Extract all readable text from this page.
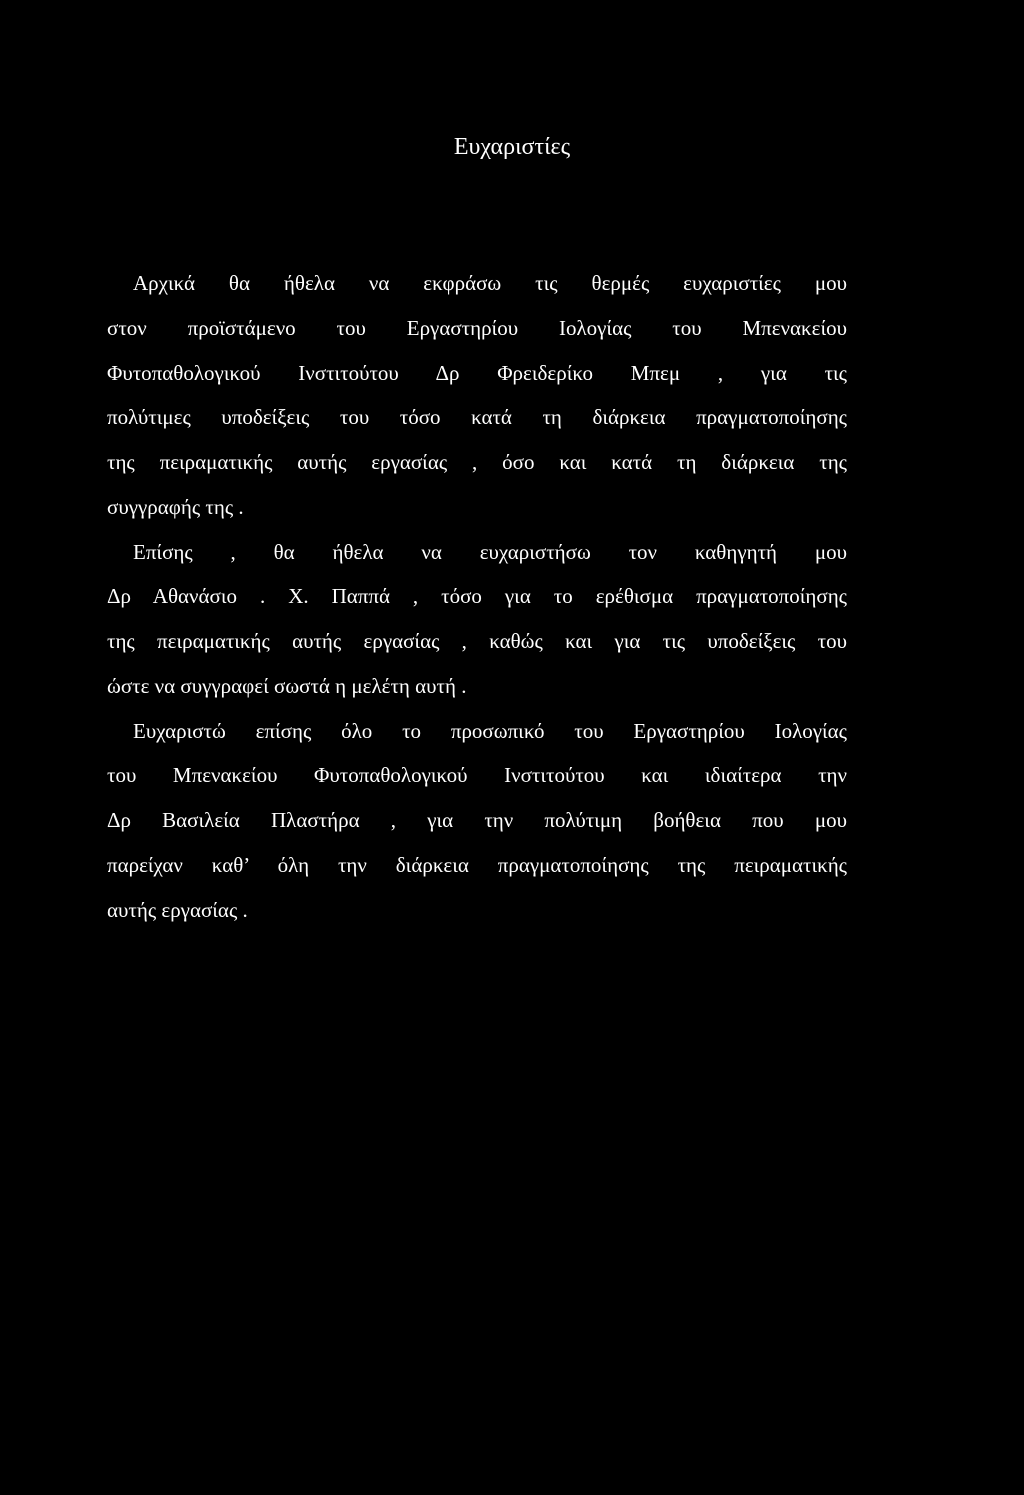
Ευχαριστίες
Αρχικά θα ήθελα να εκφράσω τις θερμές ευχαριστίες μου
στον προϊστάμενο του Εργαστηρίου Ιολογίας του Μπενακείου
Φυτοπαθολογικού Ινστιτούτου Δρ Φρειδερίκο Μπεμ , για τις
πολύτιμες υποδείξεις του τόσο κατά τη διάρκεια πραγματοποίησης
της πειραματικής αυτής εργασίας , όσο και κατά τη διάρκεια της
συγγραφής της .
Επίσης , θα ήθελα να ευχαριστήσω τον καθηγητή μου
Δρ Αθανάσιο . Χ. Παππά , τόσο για το ερέθισμα πραγματοποίησης
της πειραματικής αυτής εργασίας , καθώς και για τις υποδείξεις του
ώστε να συγγραφεί σωστά η μελέτη αυτή .
Ευχαριστώ επίσης όλο το προσωπικό του Εργαστηρίου Ιολογίας
του Μπενακείου Φυτοπαθολογικού Ινστιτούτου και ιδιαίτερα την
Δρ Βασιλεία Πλαστήρα , για την πολύτιμη βοήθεια που μου
παρείχαν καθ’ όλη την διάρκεια πραγματοποίησης της πειραματικής
αυτής εργασίας .
